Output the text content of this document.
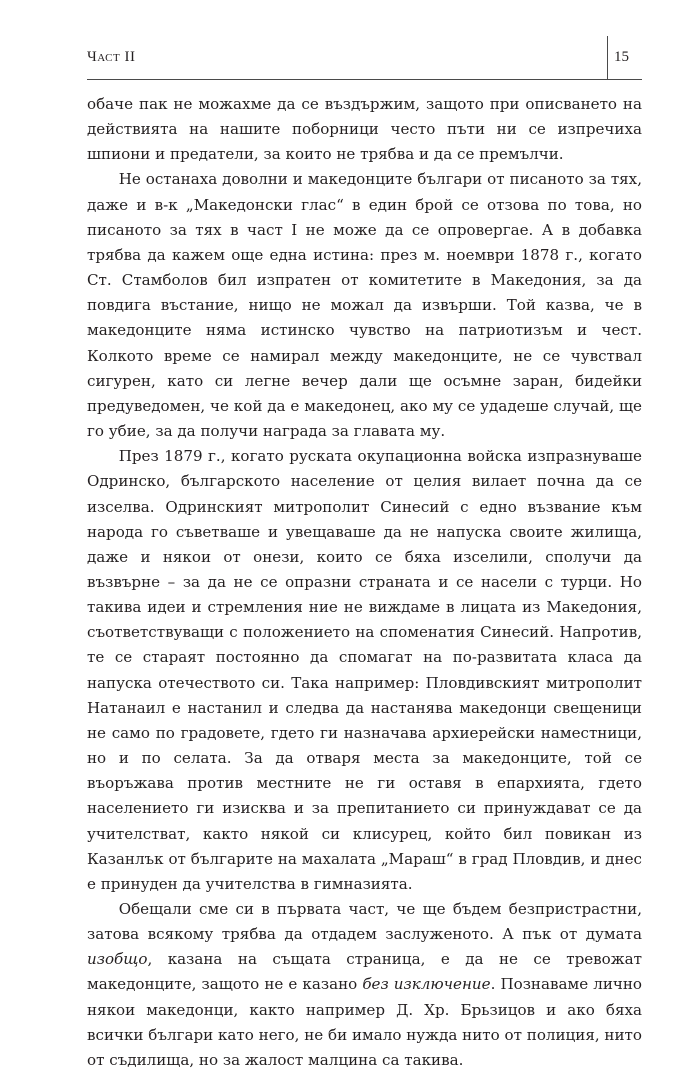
Част II	15

обаче пак не можахме да се въздържим, защото при описването на действията на нашите поборници често пъти ни се изпречиха шпиони и предатели, за които не трябва и да се премълчи.

Не останаха доволни и македонците българи от писаното за тях, даже и в-к „Македонски глас“ в един брой се отзова по това, но писаното за тях в част I не може да се опровергае. А в добавка трябва да кажем още една истина: през м. ноември 1878 г., когато Ст. Стамболов бил изпратен от комитетите в Македония, за да повдига въстание, нищо не можал да извърши. Той казва, че в македонците няма истинско чувство на патриотизъм и чест. Колкото време се намирал между македонците, не се чувствал сигурен, като си легне вечер дали ще осъмне заран, бидейки предуведомен, че кой да е македонец, ако му се удадеше случай, ще го убие, за да получи награда за главата му.

През 1879 г., когато руската окупационна войска изпразнуваше Одринско, българското население от целия вилает почна да се изселва. Одринският митрополит Синесий с едно възвание към народа го съветваше и увещаваше да не напуска своите жилища, даже и някои от онези, които се бяха изселили, сполучи да възвърне – за да не се опразни страната и се насели с турци. Но такива идеи и стремления ние не виждаме в лицата из Македония, съответствуващи с положението на споменатия Синесий. Напротив, те се стараят постоянно да спомагат на по-развитата класа да напуска отечеството си. Така например: Пловдивският митрополит Натанаил е настанил и следва да настанява македонци свещеници не само по градовете, гдето ги назначава архиерейски наместници, но и по селата. За да отваря места за македонците, той се въоръжава против местните не ги оставя в епархията, гдето населението ги изисква и за препитанието си принуждават се да учителстват, както някой си клисурец, който бил повикан из Казанлък от българите на махалата „Мараш“ в град Пловдив, и днес е принуден да учителства в гимназията.

Обещали сме си в първата част, че ще бъдем безпристрастни, затова всякому трябва да отдадем заслуженото. А пък от думата изобщо, казана на същата страница, е да не се тревожат македонците, защото не е казано без изключение. Познаваме лично някои македонци, както например Д. Хр. Брьзицов и ако бяха всички българи като него, не би имало нужда нито от полиция, нито от съдилища, но за жалост малцина са такива.
